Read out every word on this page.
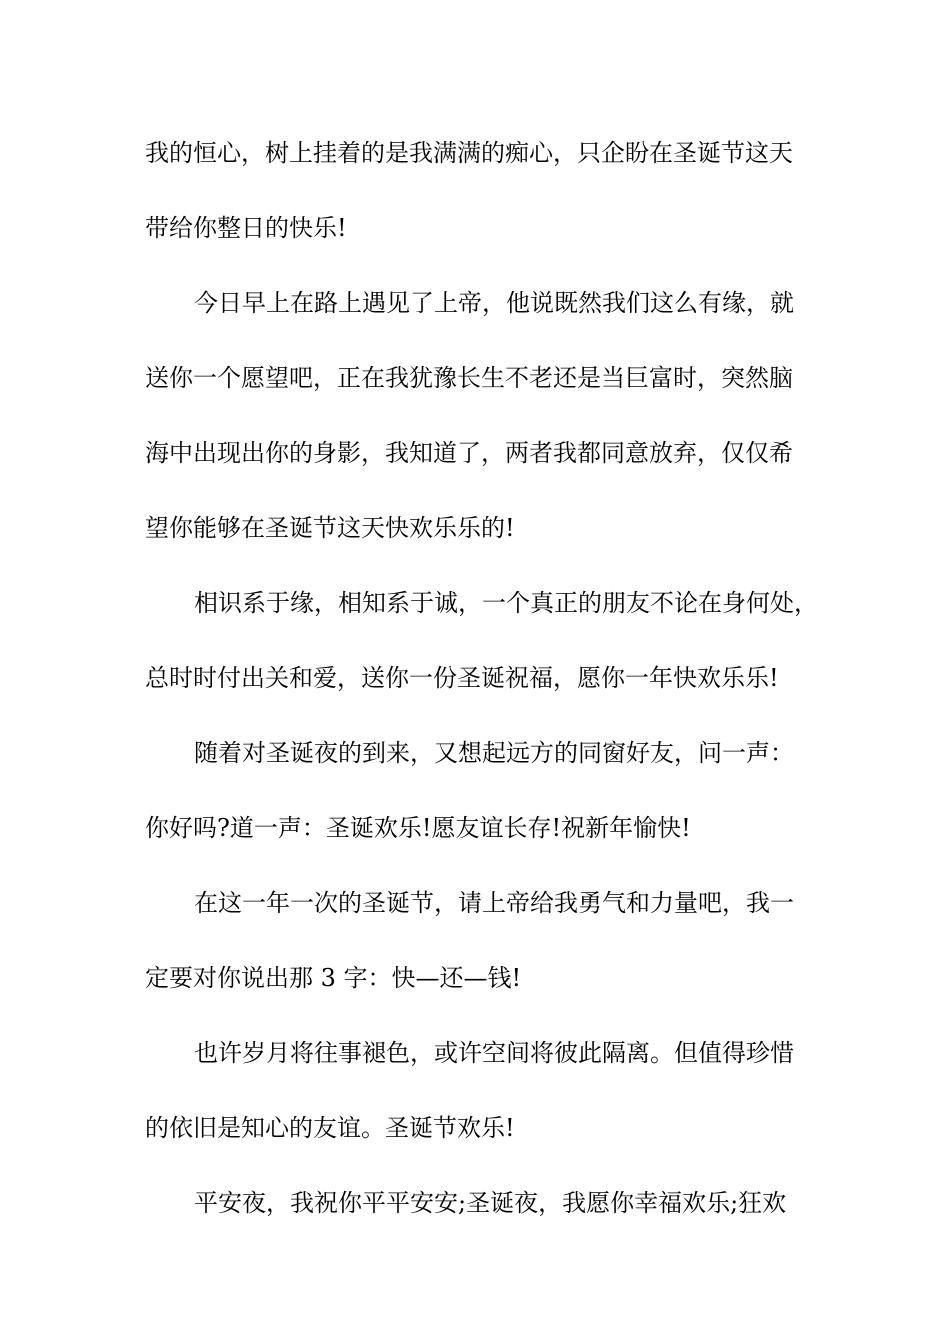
我的恒心，树上挂着的是我满满的痴心，只企盼在圣诞节这天
带给你整日的快乐!
今日早上在路上遇见了上帝，他说既然我们这么有缘，就
送你一个愿望吧，正在我犹豫长生不老还是当巨富时，突然脑
海中出现出你的身影，我知道了，两者我都同意放弃，仅仅希
望你能够在圣诞节这天快欢乐乐的!
相识系于缘，相知系于诚，一个真正的朋友不论在身何处，
总时时付出关和爱，送你一份圣诞祝福，愿你一年快欢乐乐!
随着对圣诞夜的到来，又想起远方的同窗好友，问一声：
你好吗?道一声：圣诞欢乐!愿友谊长存!祝新年愉快!
在这一年一次的圣诞节，请上帝给我勇气和力量吧，我一
定要对你说出那 3 字：快—还—钱!
也许岁月将往事褪色，或许空间将彼此隔离。但值得珍惜
的依旧是知心的友谊。圣诞节欢乐!
平安夜，我祝你平平安安;圣诞夜，我愿你幸福欢乐;狂欢
